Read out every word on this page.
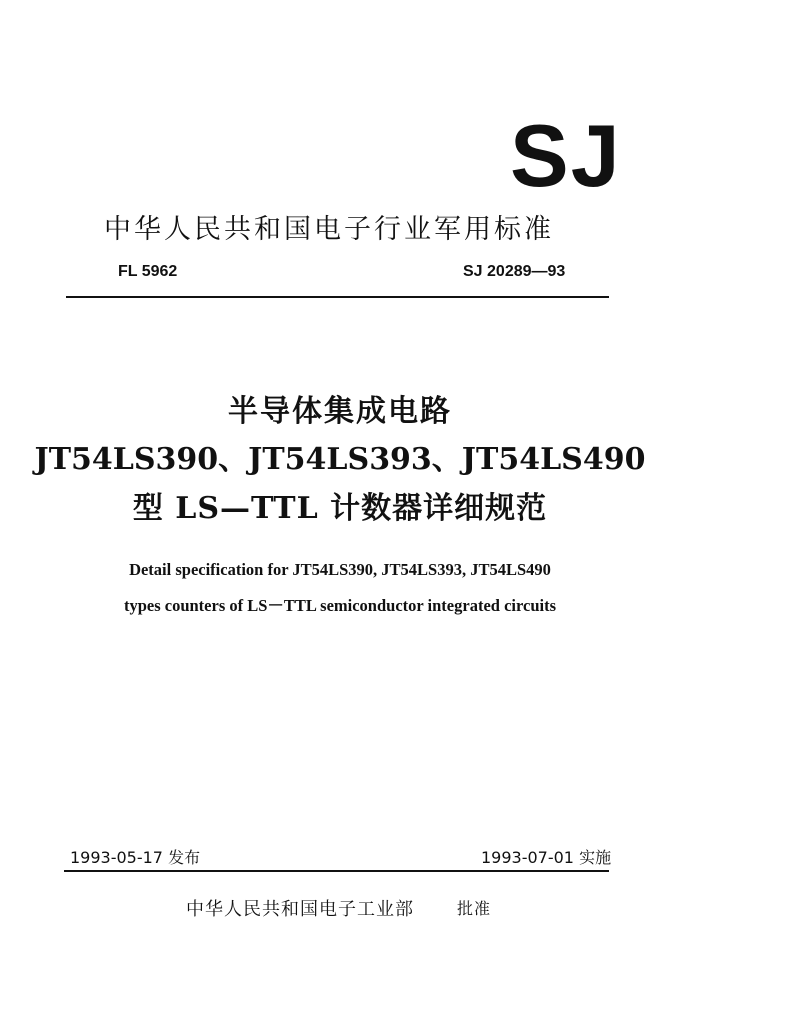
SJ
中华人民共和国电子行业军用标准
FL 5962	SJ 20289—93
半导体集成电路
JT54LS390、JT54LS393、JT54LS490
型 LS—TTL 计数器详细规范
Detail specification for JT54LS390, JT54LS393, JT54LS490
types counters of LS－TTL semiconductor integrated circuits
1993-05-17 发布	1993-07-01 实施
中华人民共和国电子工业部	批准
